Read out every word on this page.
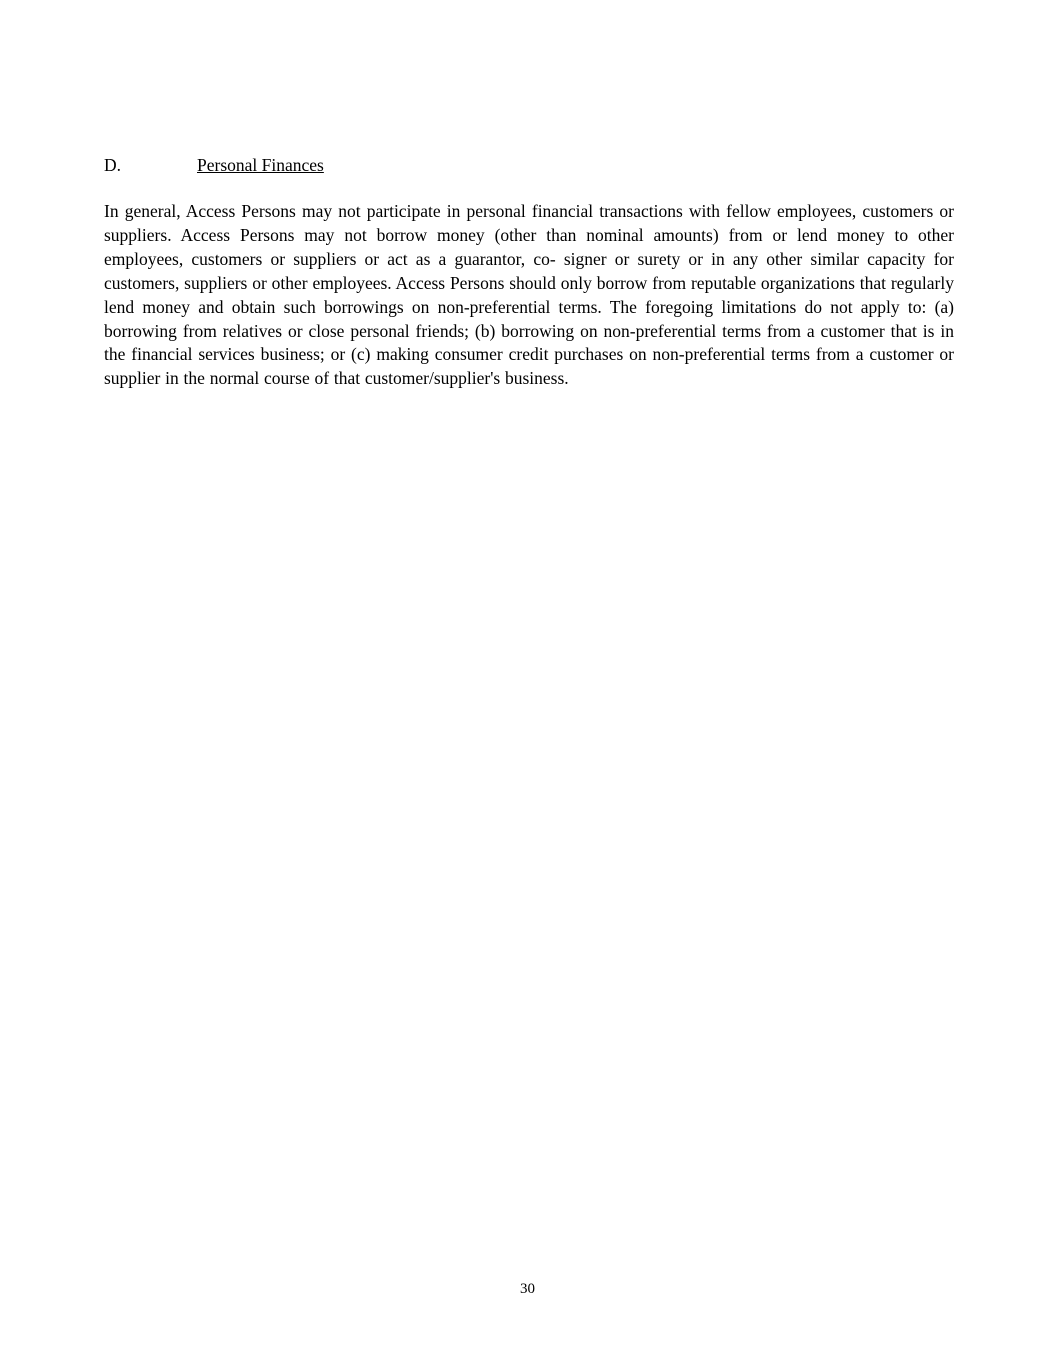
D.	Personal Finances

In general, Access Persons may not participate in personal financial transactions with fellow employees, customers or suppliers. Access Persons may not borrow money (other than nominal amounts) from or lend money to other employees, customers or suppliers or act as a guarantor, co- signer or surety or in any other similar capacity for customers, suppliers or other employees. Access Persons should only borrow from reputable organizations that regularly lend money and obtain such borrowings on non-preferential terms. The foregoing limitations do not apply to: (a) borrowing from relatives or close personal friends; (b) borrowing on non-preferential terms from a customer that is in the financial services business; or (c) making consumer credit purchases on non-preferential terms from a customer or supplier in the normal course of that customer/supplier's business.

30
